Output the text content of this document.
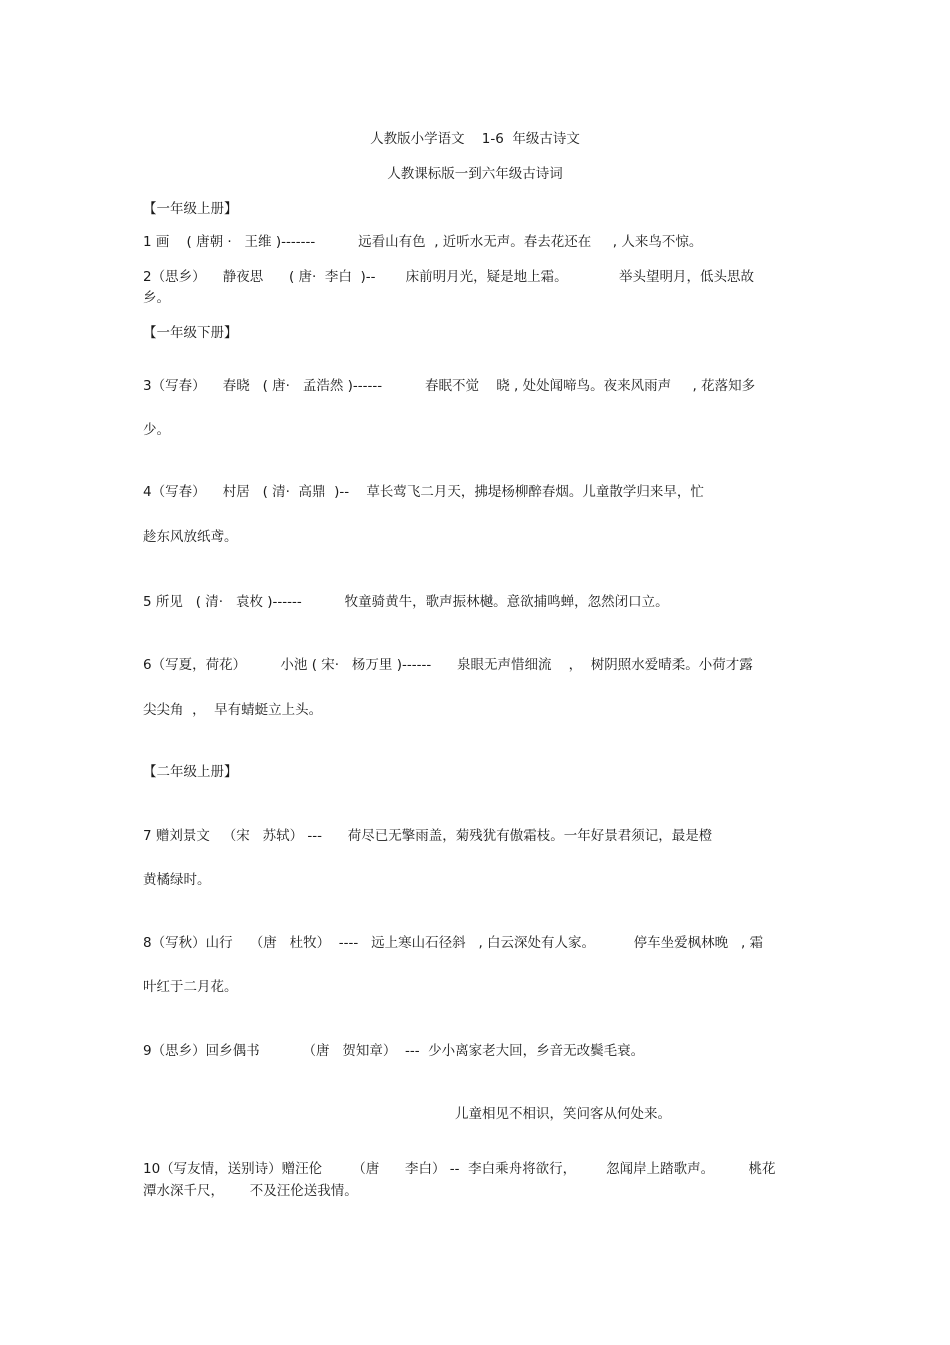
人教版小学语文    1-6  年级古诗文
人教课标版一到六年级古诗词
【一年级上册】
1 画    ( 唐朝 ·   王维 )-------          远看山有色  , 近听水无声。春去花还在     , 人来鸟不惊。
2（思乡）    静夜思      ( 唐·  李白  )--       床前明月光，疑是地上霜。            举头望明月，低头思故
乡。
【一年级下册】
3（写春）    春晓   ( 唐·   孟浩然 )------          春眠不觉    晓 , 处处闻啼鸟。夜来风雨声     , 花落知多
少。
4（写春）    村居   ( 清·  高鼎  )--    草长莺飞二月天，拂堤杨柳醉春烟。儿童散学归来早，忙
趁东风放纸鸢。
5 所见   ( 清·   袁枚 )------          牧童骑黄牛，歌声振林樾。意欲捕鸣蝉，忽然闭口立。
6（写夏，荷花）        小池 ( 宋·   杨万里 )------      泉眼无声惜细流    ，  树阴照水爱晴柔。小荷才露
尖尖角  ，  早有蜻蜓立上头。
【二年级上册】
7 赠刘景文   （宋   苏轼） ---      荷尽已无擎雨盖，菊残犹有傲霜枝。一年好景君须记，最是橙
黄橘绿时。
8（写秋）山行    （唐   杜牧）  ----   远上寒山石径斜   , 白云深处有人家。         停车坐爱枫林晚   , 霜
叶红于二月花。
9（思乡）回乡偶书          （唐   贺知章）  ---  少小离家老大回，乡音无改鬓毛衰。
儿童相见不相识，笑问客从何处来。
10（写友情，送别诗）赠汪伦       （唐      李白） --  李白乘舟将欲行，       忽闻岸上踏歌声。        桃花
潭水深千尺，      不及汪伦送我情。
